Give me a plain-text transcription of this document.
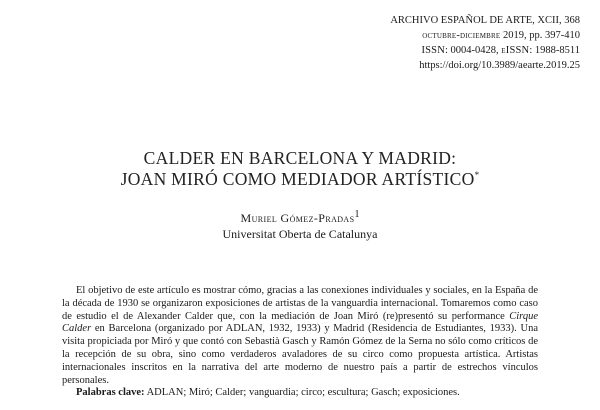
ARCHIVO ESPAÑOL DE ARTE, XCII, 368
octubre-diciembre 2019, pp. 397-410
ISSN: 0004-0428, eISSN: 1988-8511
https://doi.org/10.3989/aearte.2019.25
CALDER EN BARCELONA Y MADRID:
JOAN MIRÓ COMO MEDIADOR ARTÍSTICO*
Muriel Gómez-Pradas$^1$
Universitat Oberta de Catalunya

El objetivo de este artículo es mostrar cómo, gracias a las conexiones individuales y sociales, en la España de la década de 1930 se organizaron exposiciones de artistas de la vanguardia internacional. Tomaremos como caso de estudio el de Alexander Calder que, con la mediación de Joan Miró (re)presentó su performance Cirque Calder en Barcelona (organizado por ADLAN, 1932, 1933) y Madrid (Residencia de Estudiantes, 1933). Una visita propiciada por Miró y que contó con Sebastià Gasch y Ramón Gómez de la Serna no sólo como críticos de la recepción de su obra, sino como verdaderos avaladores de su circo como propuesta artística. Artistas internacionales inscritos en la narrativa del arte moderno de nuestro país a partir de estrechos vínculos personales.

Palabras clave: ADLAN; Miró; Calder; vanguardia; circo; escultura; Gasch; exposiciones.
